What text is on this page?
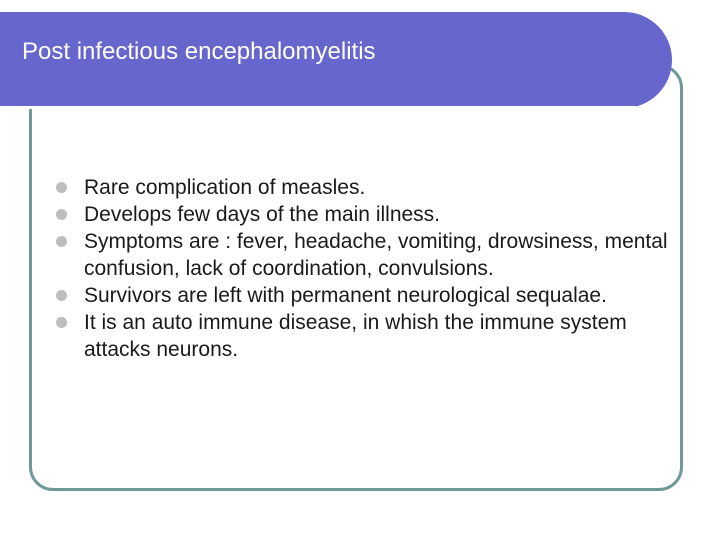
Post infectious encephalomyelitis
Rare complication of measles.
Develops few days of the main illness.
Symptoms are : fever, headache, vomiting, drowsiness, mental confusion, lack of coordination, convulsions.
Survivors are left with permanent neurological sequalae.
It is an auto immune disease, in whish the immune system attacks neurons.
